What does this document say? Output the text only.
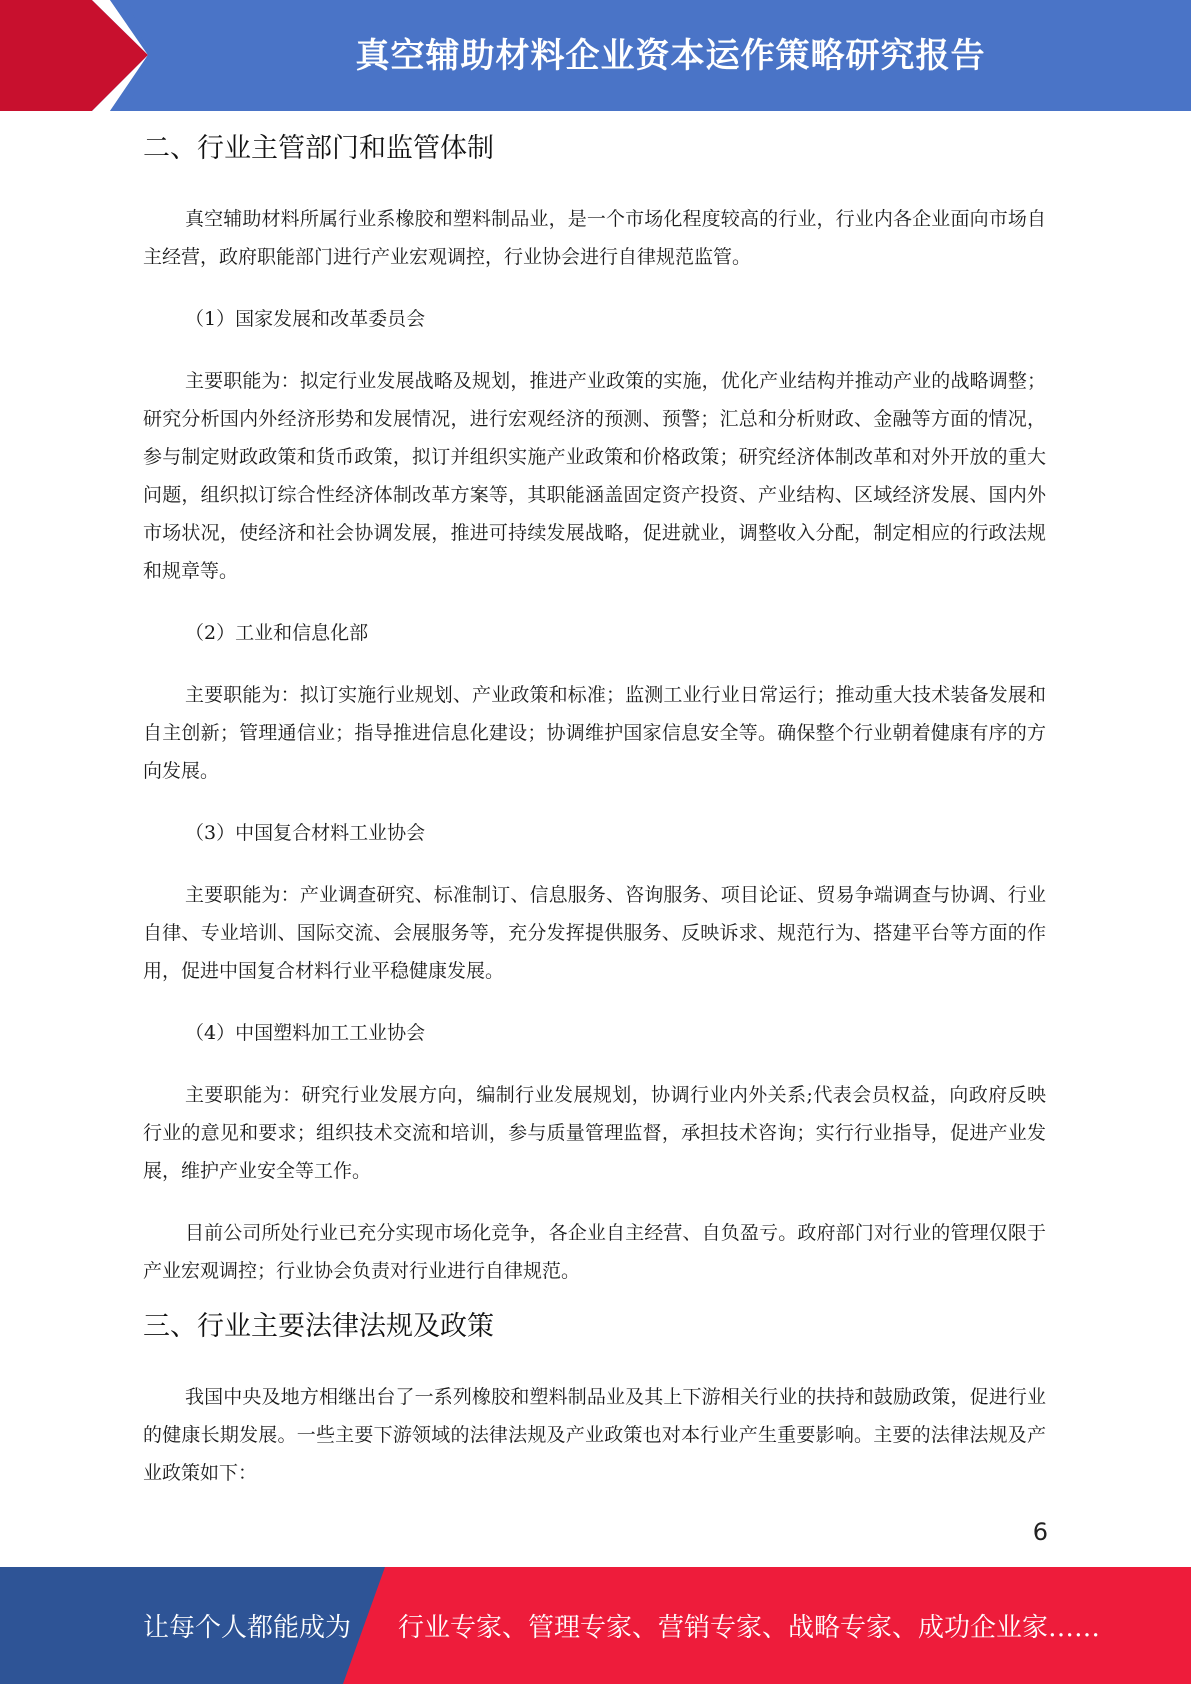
真空辅助材料企业资本运作策略研究报告
二、行业主管部门和监管体制

真空辅助材料所属行业系橡胶和塑料制品业，是一个市场化程度较高的行业，行业内各企业面向市场自主经营，政府职能部门进行产业宏观调控，行业协会进行自律规范监管。

（1）国家发展和改革委员会

主要职能为：拟定行业发展战略及规划，推进产业政策的实施，优化产业结构并推动产业的战略调整；研究分析国内外经济形势和发展情况，进行宏观经济的预测、预警；汇总和分析财政、金融等方面的情况，参与制定财政政策和货币政策，拟订并组织实施产业政策和价格政策；研究经济体制改革和对外开放的重大问题，组织拟订综合性经济体制改革方案等，其职能涵盖固定资产投资、产业结构、区域经济发展、国内外市场状况，使经济和社会协调发展，推进可持续发展战略，促进就业，调整收入分配，制定相应的行政法规和规章等。

（2）工业和信息化部

主要职能为：拟订实施行业规划、产业政策和标准；监测工业行业日常运行；推动重大技术装备发展和自主创新；管理通信业；指导推进信息化建设；协调维护国家信息安全等。确保整个行业朝着健康有序的方向发展。

（3）中国复合材料工业协会

主要职能为：产业调查研究、标准制订、信息服务、咨询服务、项目论证、贸易争端调查与协调、行业自律、专业培训、国际交流、会展服务等，充分发挥提供服务、反映诉求、规范行为、搭建平台等方面的作用，促进中国复合材料行业平稳健康发展。

（4）中国塑料加工工业协会

主要职能为：研究行业发展方向，编制行业发展规划，协调行业内外关系;代表会员权益，向政府反映行业的意见和要求；组织技术交流和培训，参与质量管理监督，承担技术咨询；实行行业指导，促进产业发展，维护产业安全等工作。

目前公司所处行业已充分实现市场化竞争，各企业自主经营、自负盈亏。政府部门对行业的管理仅限于产业宏观调控；行业协会负责对行业进行自律规范。

三、行业主要法律法规及政策

我国中央及地方相继出台了一系列橡胶和塑料制品业及其上下游相关行业的扶持和鼓励政策，促进行业的健康长期发展。一些主要下游领域的法律法规及产业政策也对本行业产生重要影响。主要的法律法规及产业政策如下：

6
让每个人都能成为 行业专家、管理专家、营销专家、战略专家、成功企业家……
